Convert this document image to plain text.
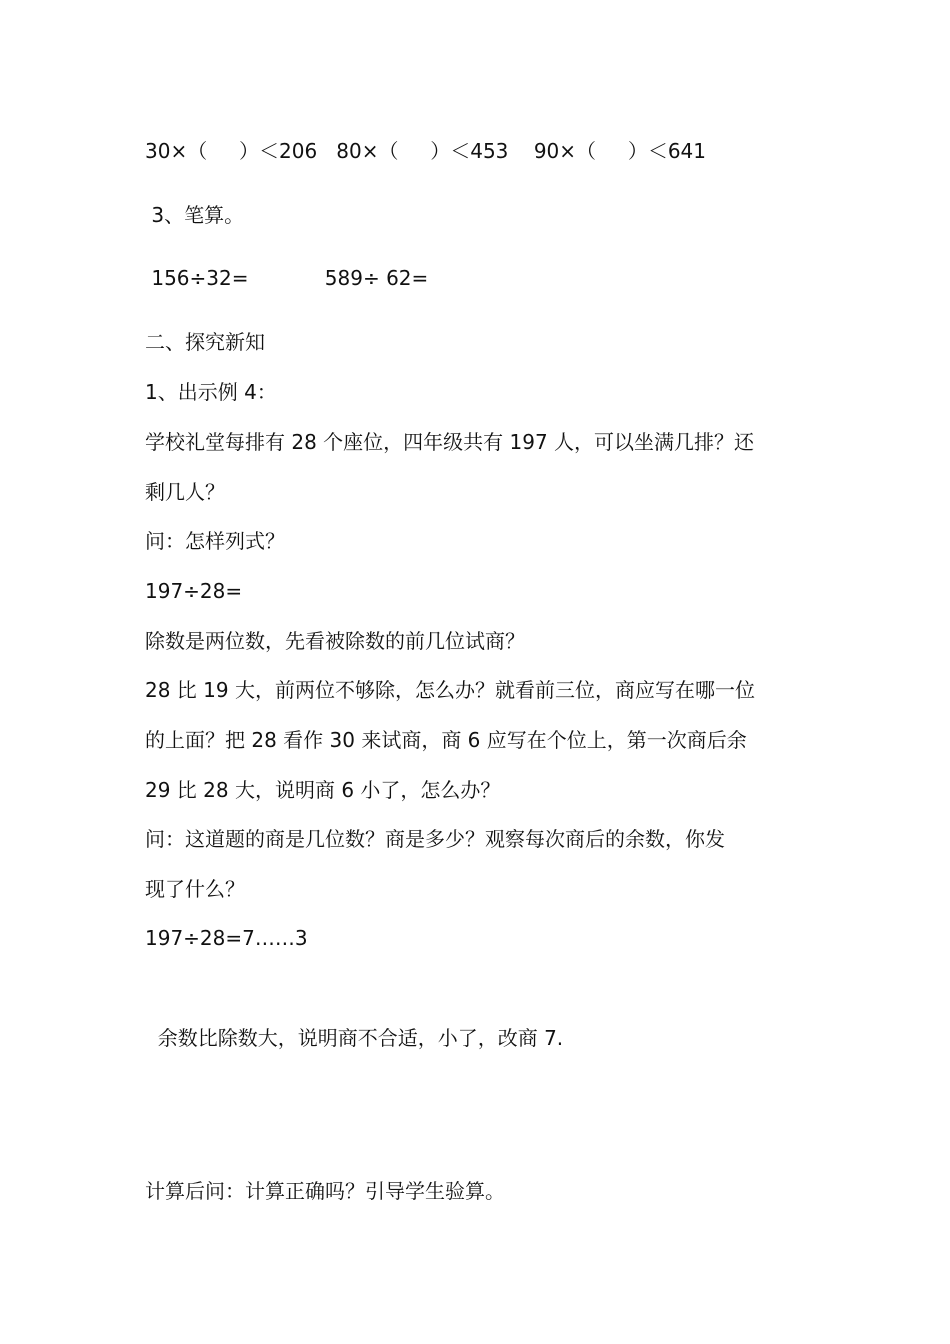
30×（     ）＜206   80×（     ）＜453    90×（     ）＜641
3、笔算。
156÷32=            589÷ 62=
二、探究新知
1、出示例 4：
学校礼堂每排有 28 个座位，四年级共有 197 人，可以坐满几排？还
剩几人？
问：怎样列式？
197÷28=
除数是两位数，先看被除数的前几位试商？
28 比 19 大，前两位不够除，怎么办？就看前三位，商应写在哪一位
的上面？把 28 看作 30 来试商，商 6 应写在个位上，第一次商后余
29 比 28 大，说明商 6 小了，怎么办？
问：这道题的商是几位数？商是多少？观察每次商后的余数，你发
现了什么？
197÷28=7……3
余数比除数大，说明商不合适，小了，改商 7.
计算后问：计算正确吗？引导学生验算。
